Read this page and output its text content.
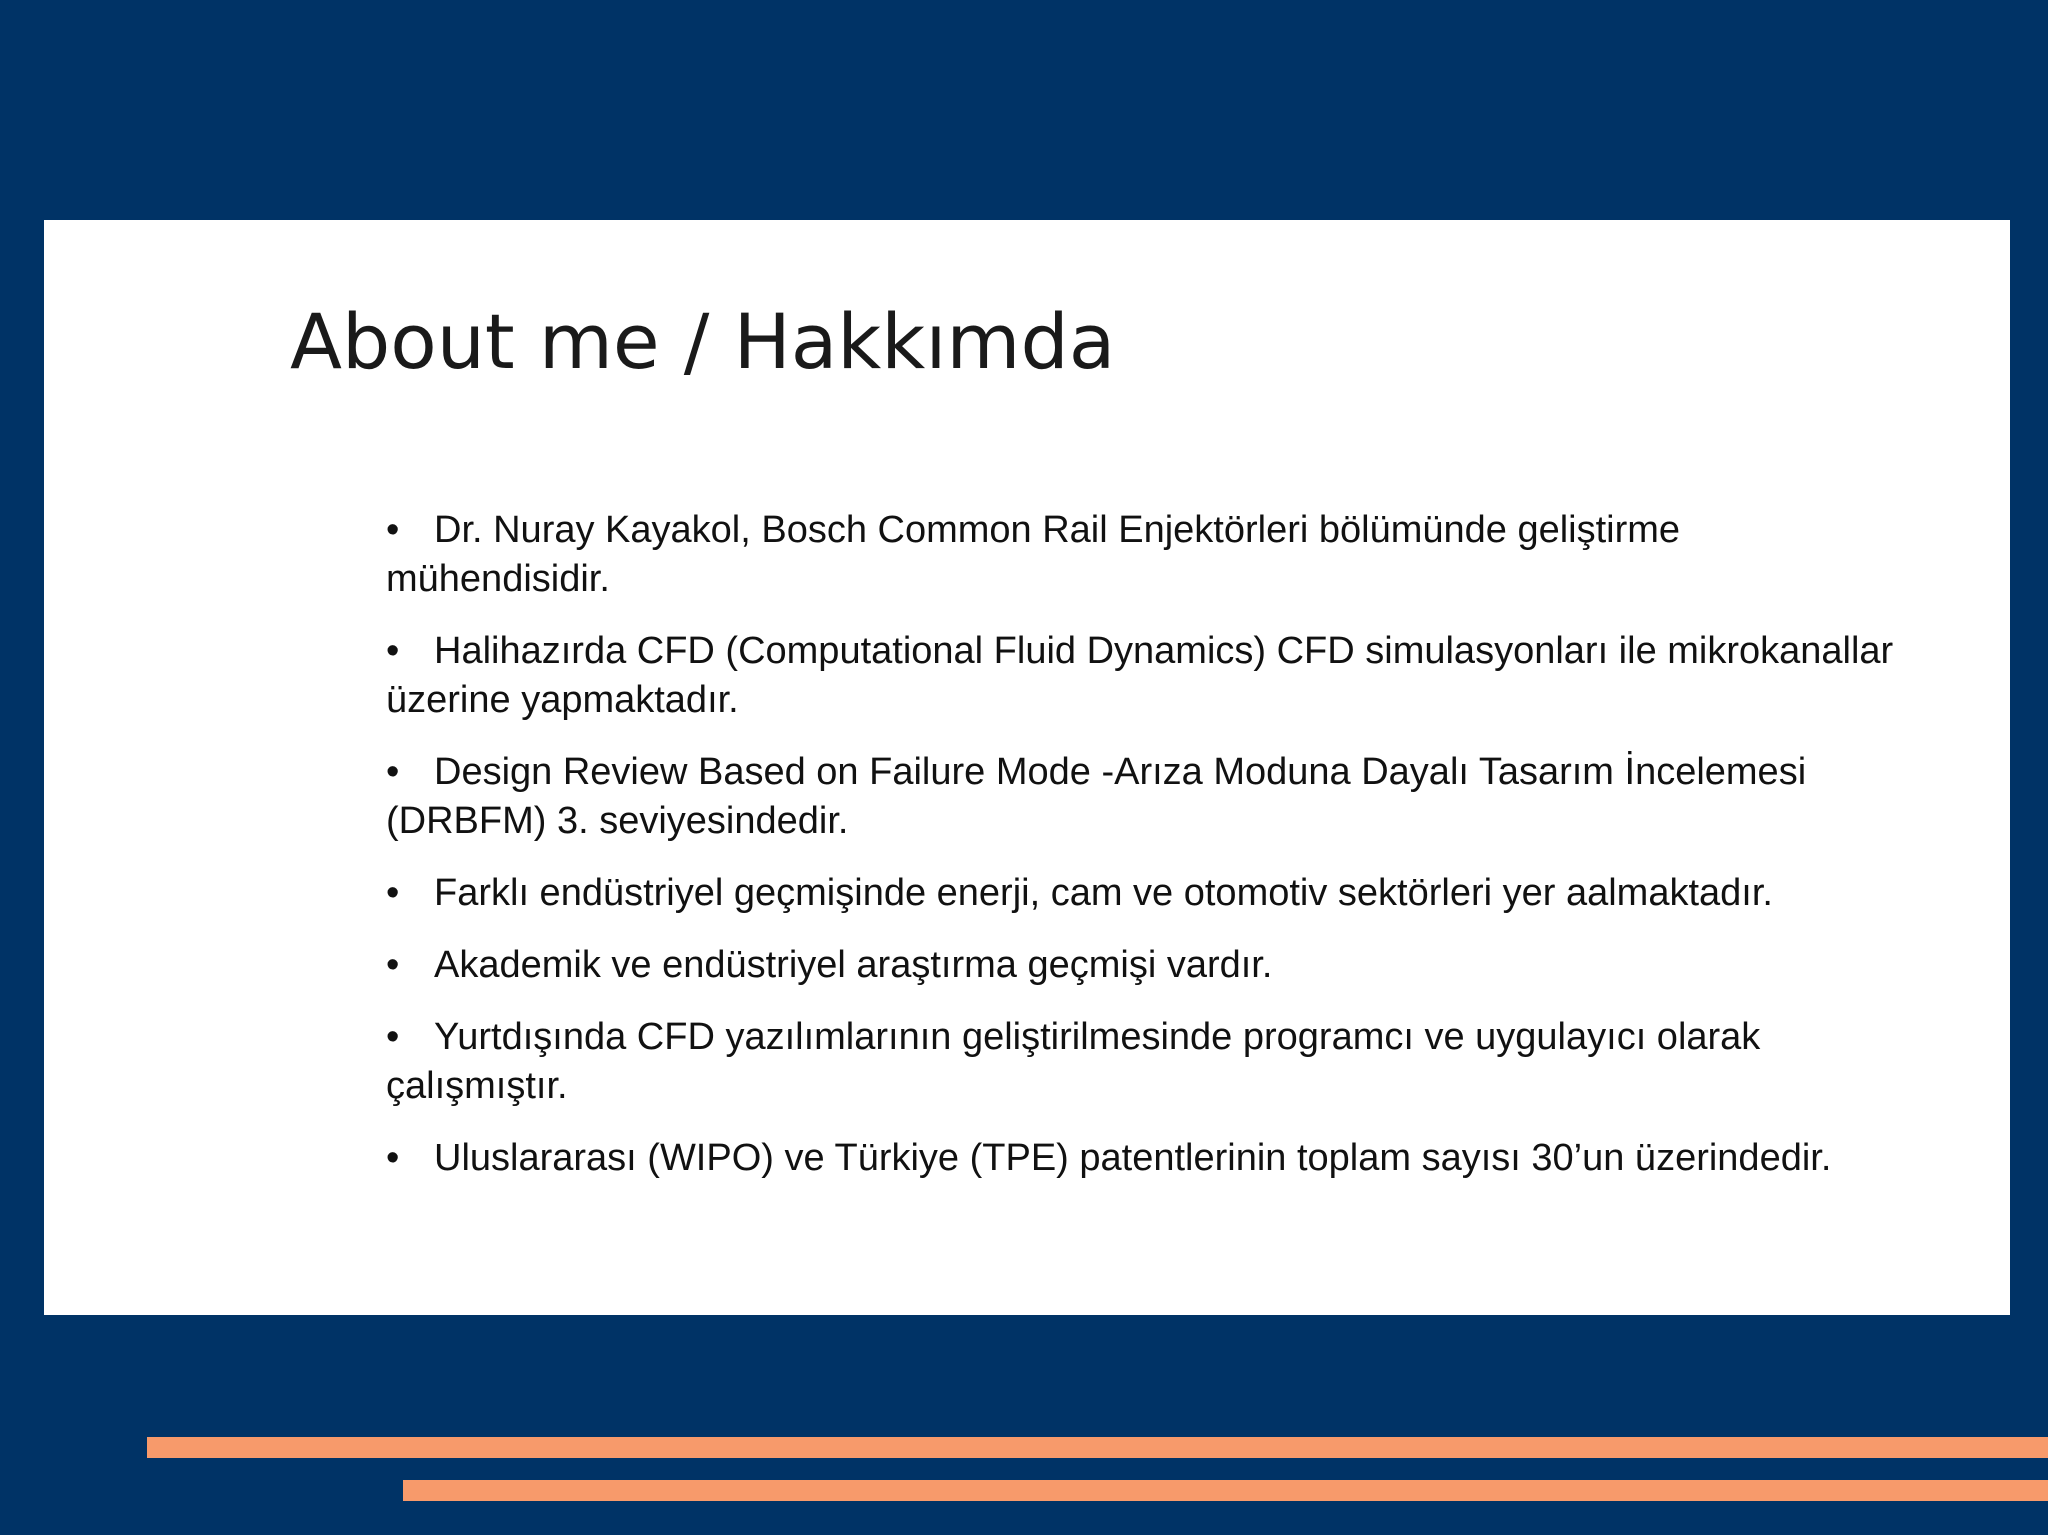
About me / Hakkımda
• Dr. Nuray Kayakol, Bosch Common Rail Enjektörleri bölümünde geliştirme mühendisidir.
• Halihazırda CFD (Computational Fluid Dynamics) CFD simulasyonları ile mikrokanallar üzerine yapmaktadır.
• Design Review Based on Failure Mode -Arıza Moduna Dayalı Tasarım İncelemesi (DRBFM) 3. seviyesindedir.
• Farklı endüstriyel geçmişinde enerji, cam ve otomotiv sektörleri yer aalmaktadır.
• Akademik ve endüstriyel araştırma geçmişi vardır.
• Yurtdışında CFD yazılımlarının geliştirilmesinde programcı ve uygulayıcı olarak çalışmıştır.
• Uluslararası (WIPO) ve Türkiye (TPE) patentlerinin toplam sayısı 30’un üzerindedir.
